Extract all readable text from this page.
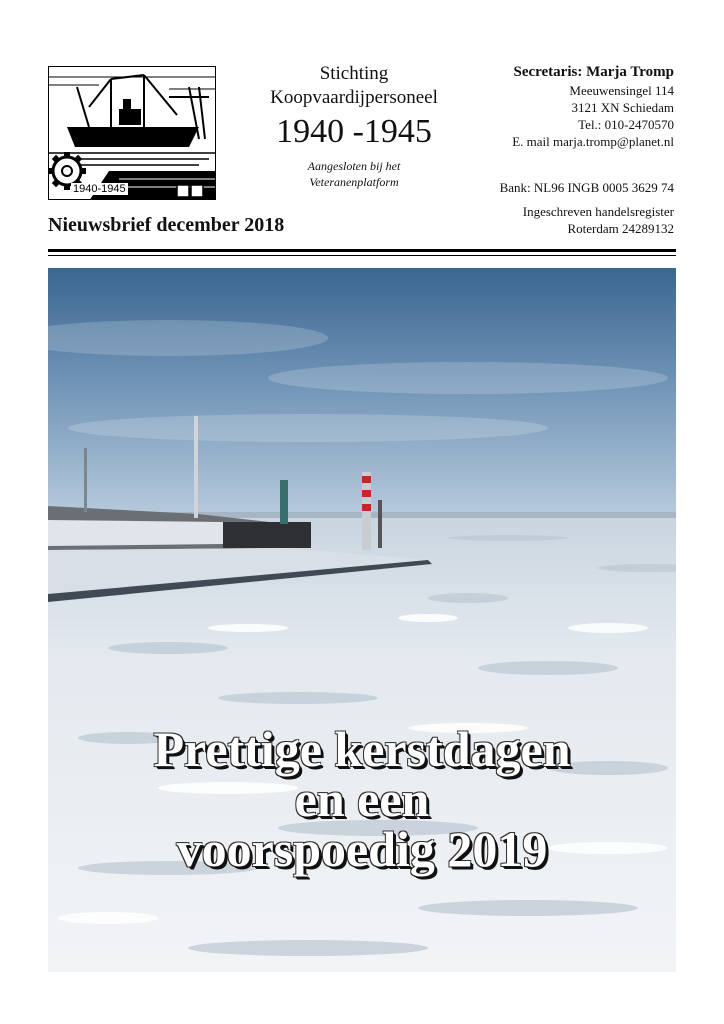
1940-1945
Stichting
Koopvaardijpersoneel
1940 -1945
Aangesloten bij het
Veteranenplatform
Secretaris: Marja Tromp
Meeuwensingel 114
3121 XN Schiedam
Tel.: 010-2470570
E. mail marja.tromp@planet.nl
Bank: NL96 INGB 0005 3629 74
Ingeschreven handelsregister
Roterdam 24289132
Nieuwsbrief december 2018
Prettige kerstdagen
en een
voorspoedig 2019
